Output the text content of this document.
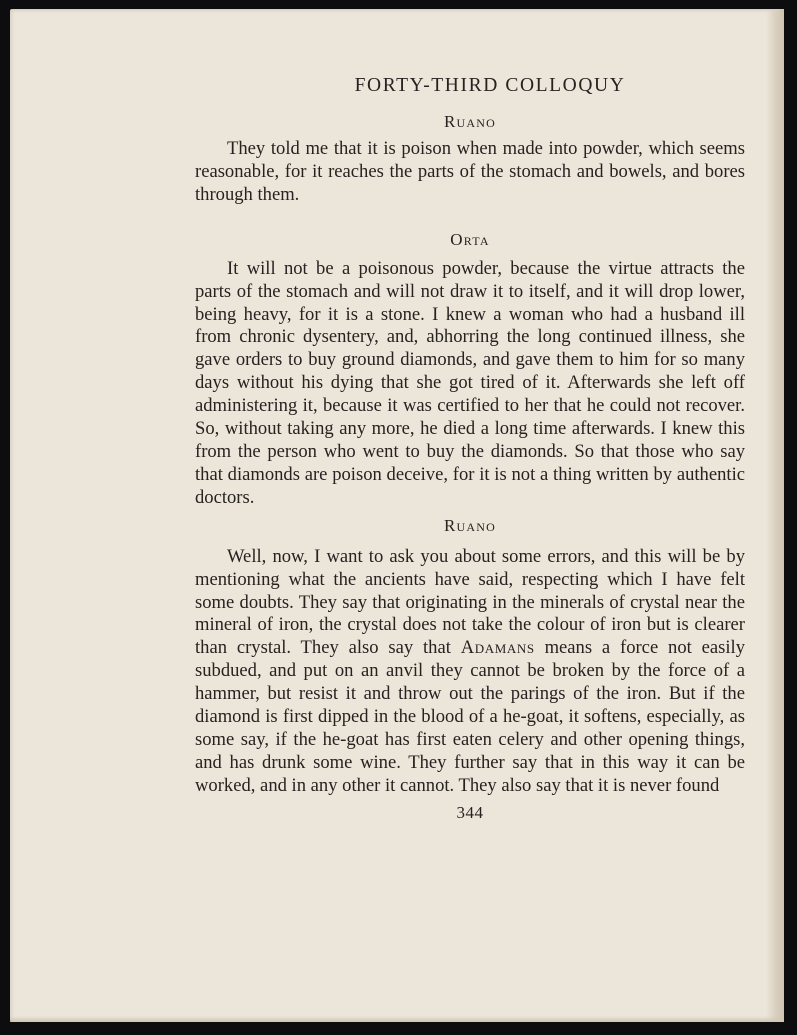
FORTY-THIRD COLLOQUY
Ruano

They told me that it is poison when made into powder, which seems reasonable, for it reaches the parts of the stomach and bowels, and bores through them.

Orta

It will not be a poisonous powder, because the virtue attracts the parts of the stomach and will not draw it to itself, and it will drop lower, being heavy, for it is a stone. I knew a woman who had a husband ill from chronic dysentery, and, abhorring the long continued illness, she gave orders to buy ground diamonds, and gave them to him for so many days without his dying that she got tired of it. Afterwards she left off administering it, because it was certified to her that he could not recover. So, without taking any more, he died a long time afterwards. I knew this from the person who went to buy the diamonds. So that those who say that diamonds are poison deceive, for it is not a thing written by authentic doctors.

Ruano

Well, now, I want to ask you about some errors, and this will be by mentioning what the ancients have said, respecting which I have felt some doubts. They say that originating in the minerals of crystal near the mineral of iron, the crystal does not take the colour of iron but is clearer than crystal. They also say that Adamans means a force not easily subdued, and put on an anvil they cannot be broken by the force of a hammer, but resist it and throw out the parings of the iron. But if the diamond is first dipped in the blood of a he-goat, it softens, especially, as some say, if the he-goat has first eaten celery and other opening things, and has drunk some wine. They further say that in this way it can be worked, and in any other it cannot. They also say that it is never found

344
